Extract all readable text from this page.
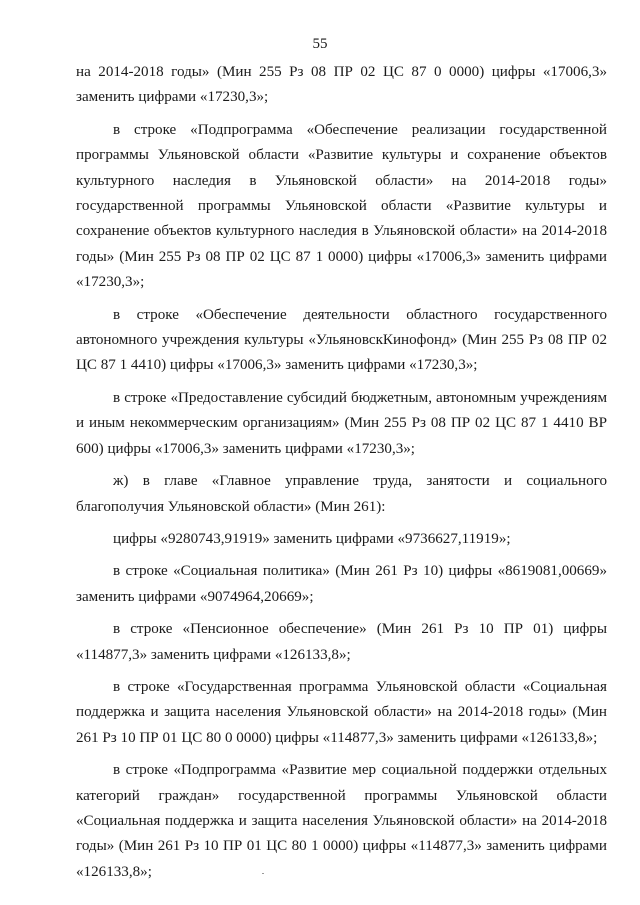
55

на 2014-2018 годы» (Мин 255 Рз 08 ПР 02 ЦС 87 0 0000) цифры «17006,3» заменить цифрами «17230,3»;

в строке «Подпрограмма «Обеспечение реализации государственной программы Ульяновской области «Развитие культуры и сохранение объектов культурного наследия в Ульяновской области» на 2014-2018 годы» государственной программы Ульяновской области «Развитие культуры и сохранение объектов культурного наследия в Ульяновской области» на 2014-2018 годы» (Мин 255 Рз 08 ПР 02 ЦС 87 1 0000) цифры «17006,3» заменить цифрами «17230,3»;

в строке «Обеспечение деятельности областного государственного автономного учреждения культуры «УльяновскКинофонд» (Мин 255 Рз 08 ПР 02 ЦС 87 1 4410) цифры «17006,3» заменить цифрами «17230,3»;

в строке «Предоставление субсидий бюджетным, автономным учреждениям и иным некоммерческим организациям» (Мин 255 Рз 08 ПР 02 ЦС 87 1 4410 ВР 600) цифры «17006,3» заменить цифрами «17230,3»;

ж) в главе «Главное управление труда, занятости и социального благополучия Ульяновской области» (Мин 261):

цифры «9280743,91919» заменить цифрами «9736627,11919»;

в строке «Социальная политика» (Мин 261 Рз 10) цифры «8619081,00669» заменить цифрами «9074964,20669»;

в строке «Пенсионное обеспечение» (Мин 261 Рз 10 ПР 01) цифры «114877,3» заменить цифрами «126133,8»;

в строке «Государственная программа Ульяновской области «Социальная поддержка и защита населения Ульяновской области» на 2014-2018 годы» (Мин 261 Рз 10 ПР 01 ЦС 80 0 0000) цифры «114877,3» заменить цифрами «126133,8»;

в строке «Подпрограмма «Развитие мер социальной поддержки отдельных категорий граждан» государственной программы Ульяновской области «Социальная поддержка и защита населения Ульяновской области» на 2014-2018 годы» (Мин 261 Рз 10 ПР 01 ЦС 80 1 0000) цифры «114877,3» заменить цифрами «126133,8»;
